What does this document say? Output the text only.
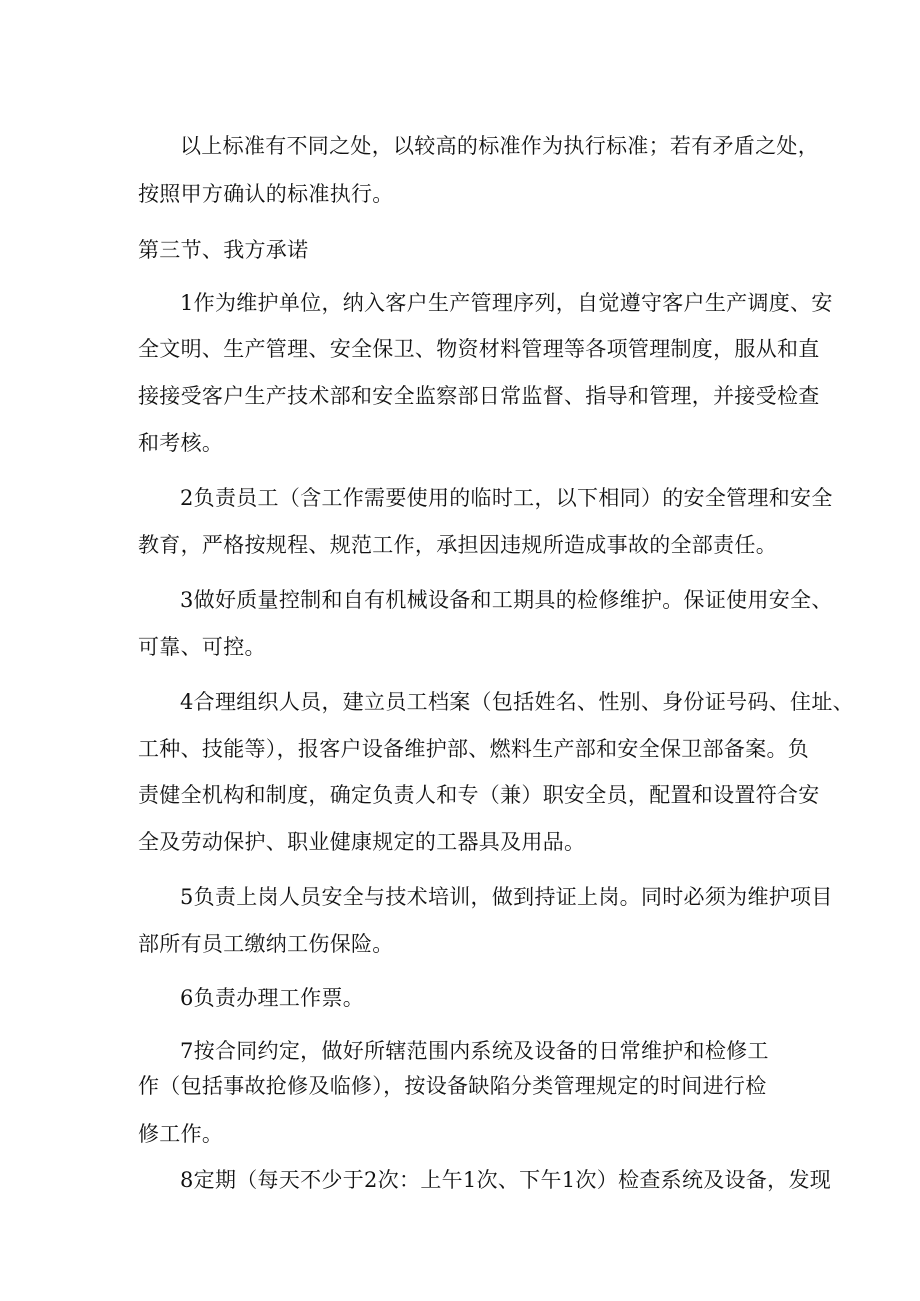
以上标准有不同之处，以较高的标准作为执行标准；若有矛盾之处，
按照甲方确认的标准执行。
第三节、我方承诺
1作为维护单位，纳入客户生产管理序列，自觉遵守客户生产调度、安
全文明、生产管理、安全保卫、物资材料管理等各项管理制度，服从和直
接接受客户生产技术部和安全监察部日常监督、指导和管理，并接受检查
和考核。
2负责员工（含工作需要使用的临时工，以下相同）的安全管理和安全
教育，严格按规程、规范工作，承担因违规所造成事故的全部责任。
3做好质量控制和自有机械设备和工期具的检修维护。保证使用安全、
可靠、可控。
4合理组织人员，建立员工档案（包括姓名、性别、身份证号码、住址、
工种、技能等），报客户设备维护部、燃料生产部和安全保卫部备案。负
责健全机构和制度，确定负责人和专（兼）职安全员，配置和设置符合安
全及劳动保护、职业健康规定的工器具及用品。
5负责上岗人员安全与技术培训，做到持证上岗。同时必须为维护项目
部所有员工缴纳工伤保险。
6负责办理工作票。
7按合同约定，做好所辖范围内系统及设备的日常维护和检修工
作（包括事故抢修及临修），按设备缺陷分类管理规定的时间进行检
修工作。
8定期（每天不少于2次：上午1次、下午1次）检查系统及设备，发现
